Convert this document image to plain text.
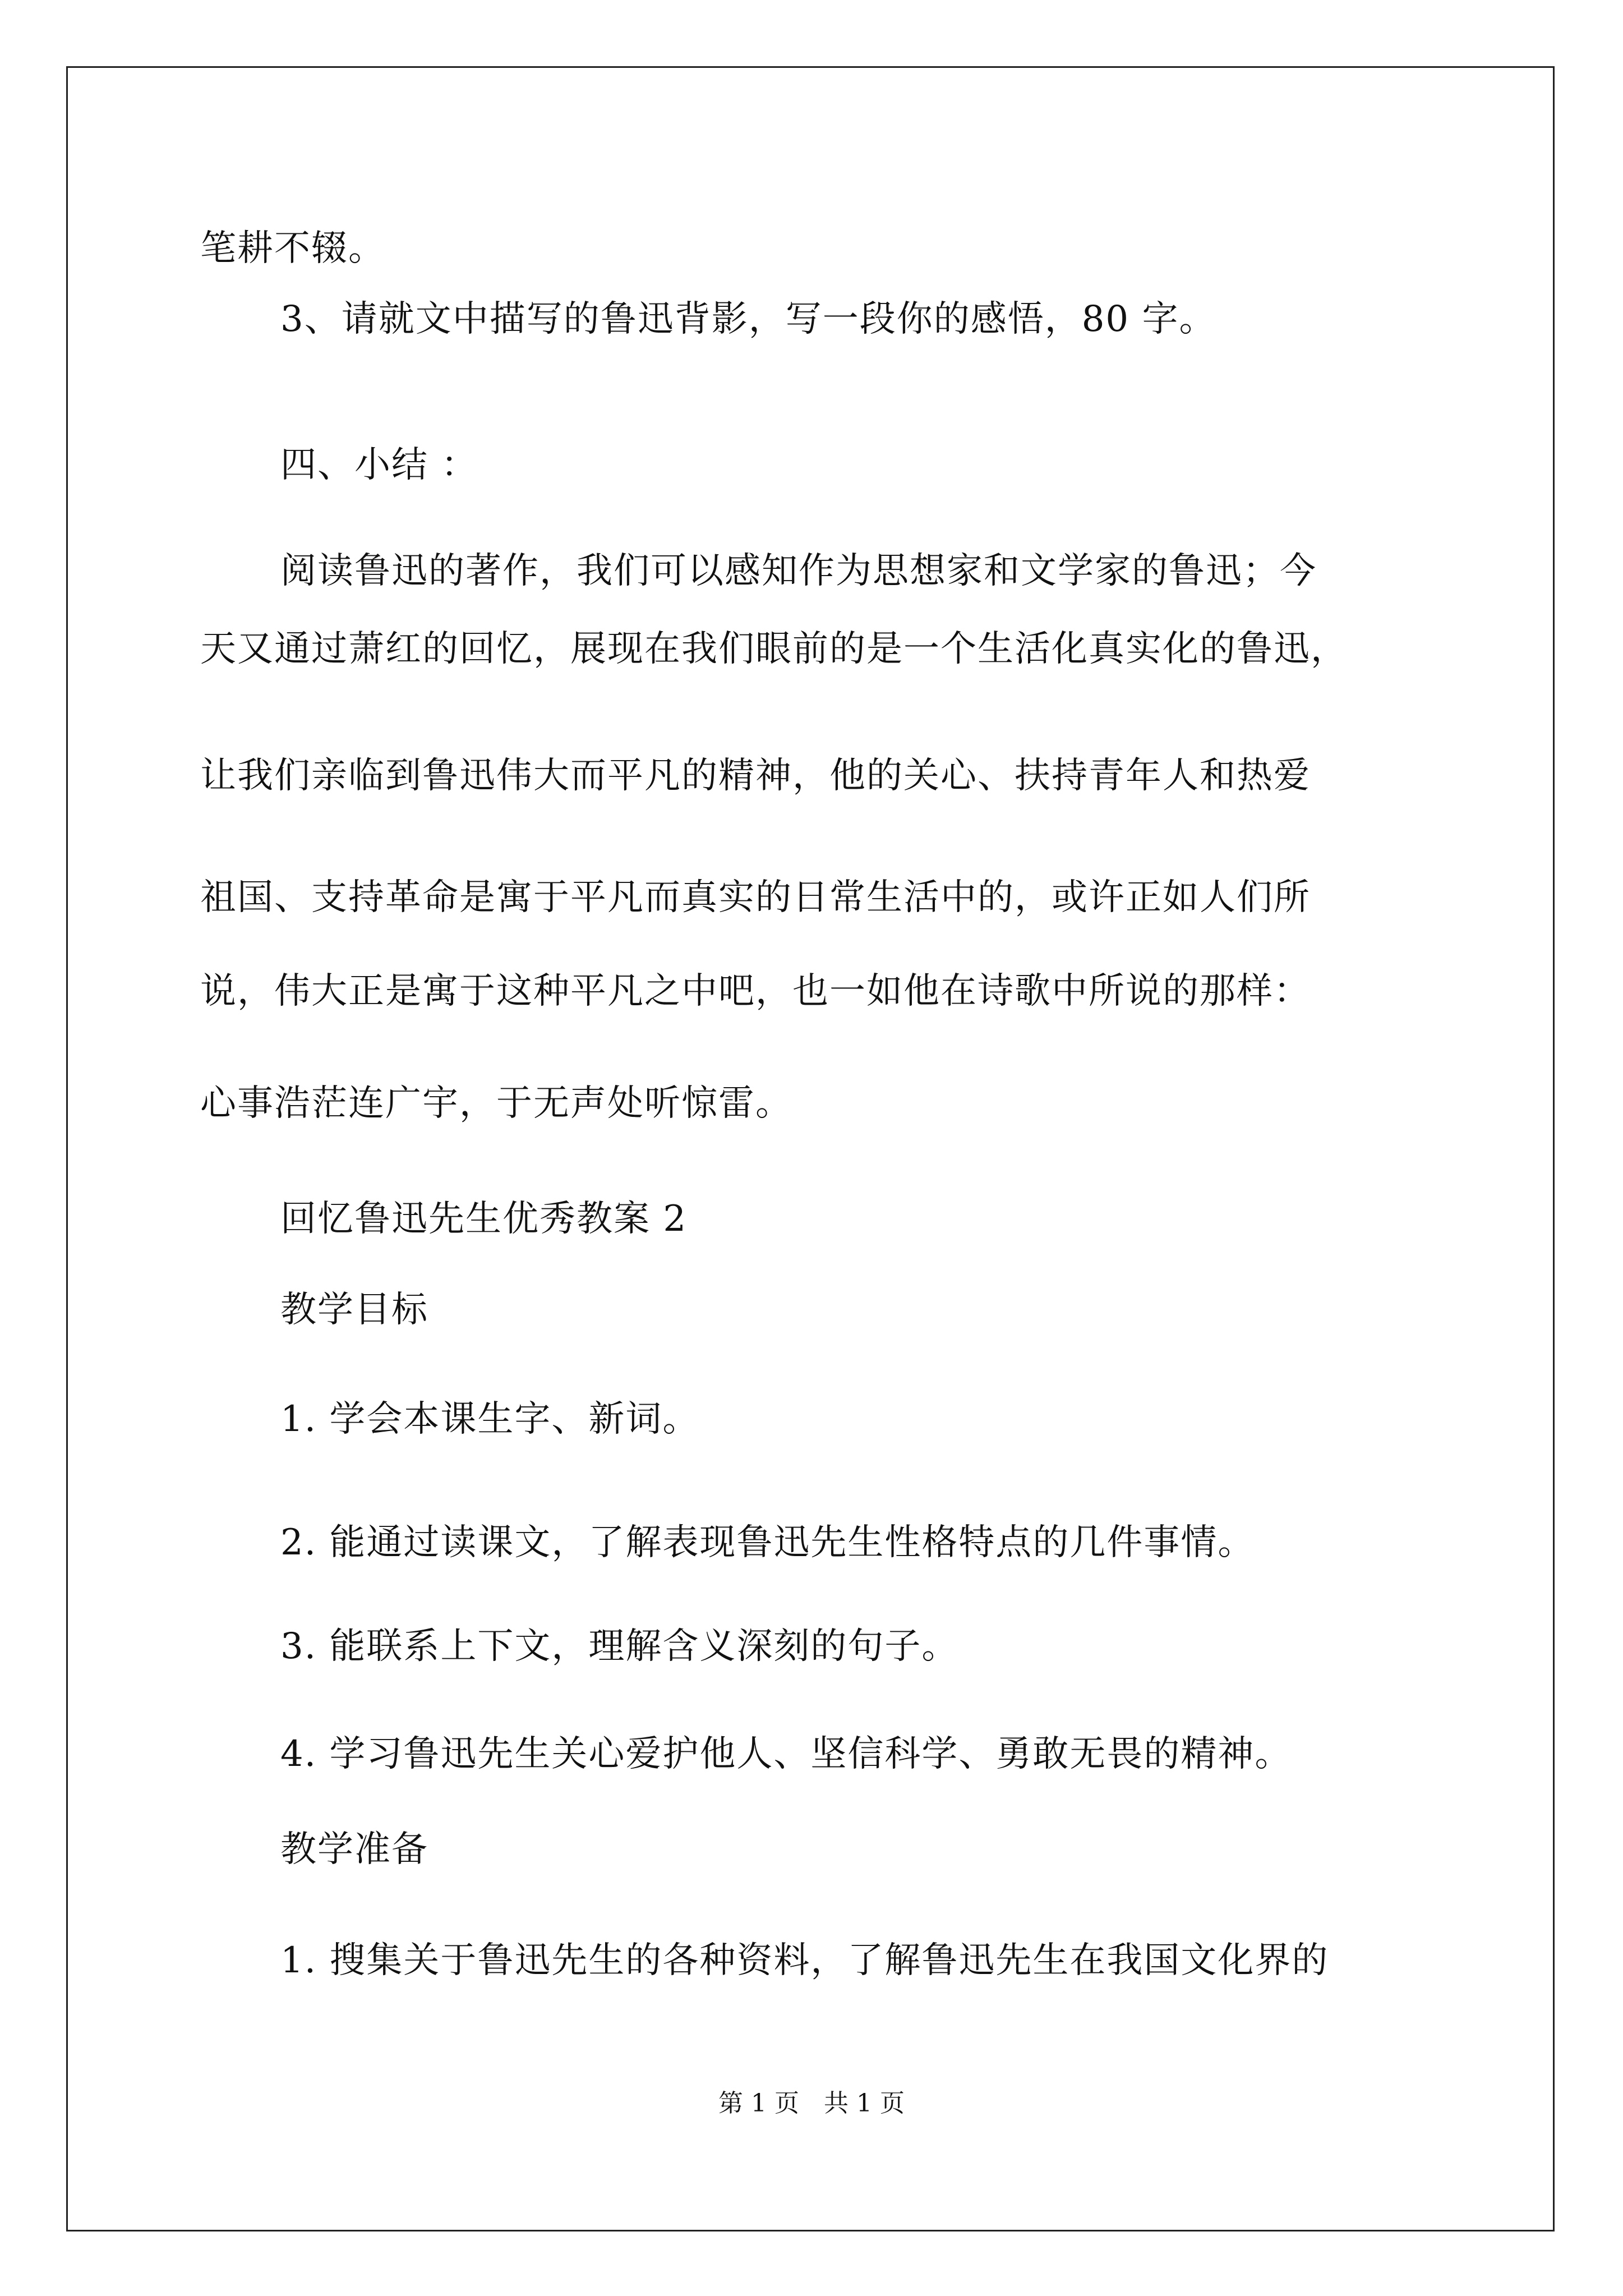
笔耕不辍。
3、请就文中描写的鲁迅背影，写一段你的感悟，80 字。
四、小结 ：
阅读鲁迅的著作，我们可以感知作为思想家和文学家的鲁迅；今
天又通过萧红的回忆，展现在我们眼前的是一个生活化真实化的鲁迅，
让我们亲临到鲁迅伟大而平凡的精神，他的关心、扶持青年人和热爱
祖国、支持革命是寓于平凡而真实的日常生活中的，或许正如人们所
说，伟大正是寓于这种平凡之中吧，也一如他在诗歌中所说的那样：
心事浩茫连广宇，于无声处听惊雷。
回忆鲁迅先生优秀教案 2
教学目标
1. 学会本课生字、新词。
2. 能通过读课文，了解表现鲁迅先生性格特点的几件事情。
3. 能联系上下文，理解含义深刻的句子。
4. 学习鲁迅先生关心爱护他人、坚信科学、勇敢无畏的精神。
教学准备
1. 搜集关于鲁迅先生的各种资料，了解鲁迅先生在我国文化界的
第 1 页　共 1 页
